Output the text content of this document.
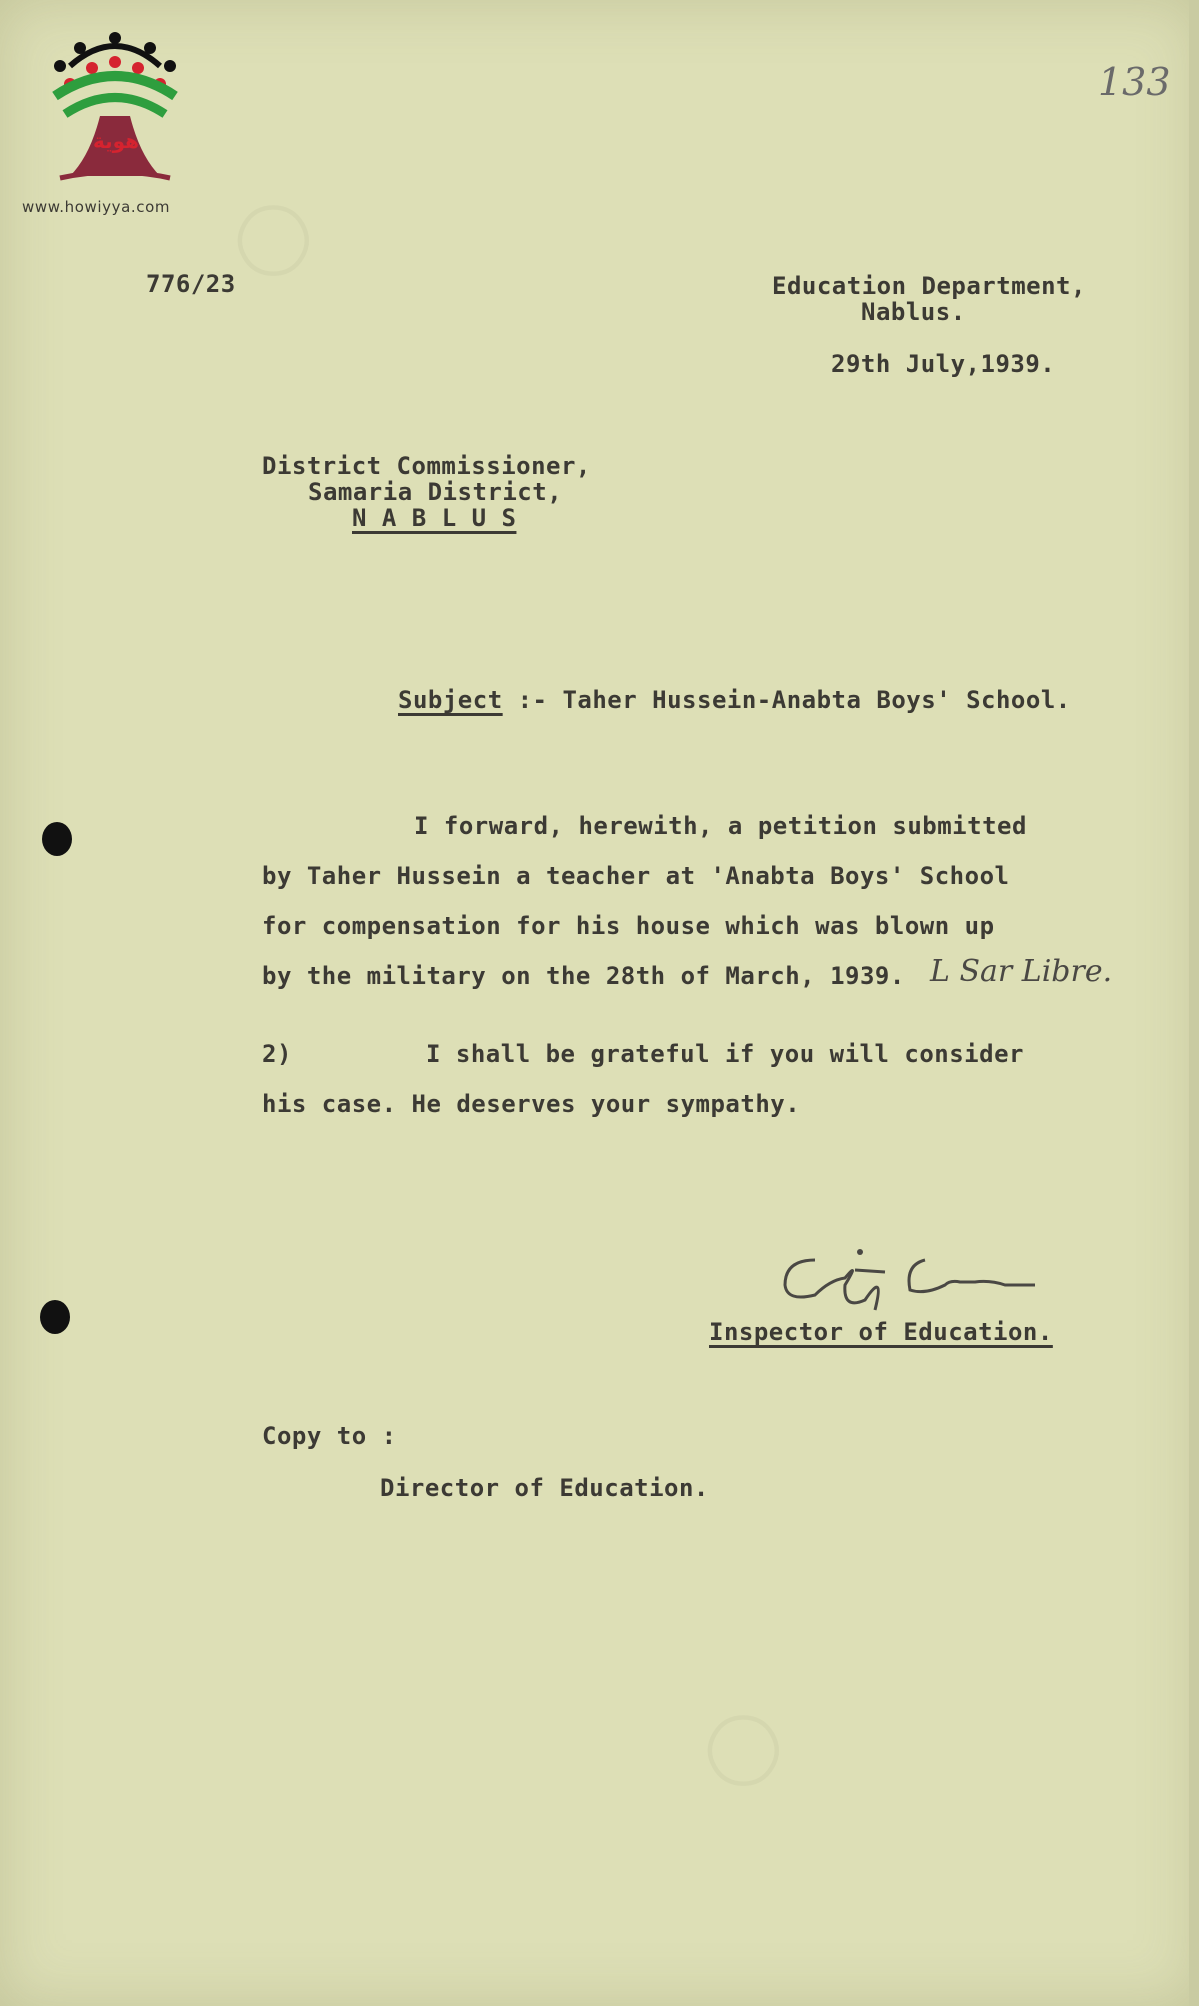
◯
◯
هوية
www.howiyya.com
133
776/23	Education Department,
Nablus.
29th July,1939.
District Commissioner,
Samaria District,
N A B L U S
Subject :- Taher Hussein-Anabta Boys' School.
I forward, herewith, a petition submitted
by Taher Hussein a teacher at 'Anabta Boys' School
for compensation for his house which was blown up
by the military on the 28th of March, 1939. L Sar Libre.
2)	I shall be grateful if you will consider
his case. He deserves your sympathy.
Inspector of Education.
Copy to :
Director of Education.
